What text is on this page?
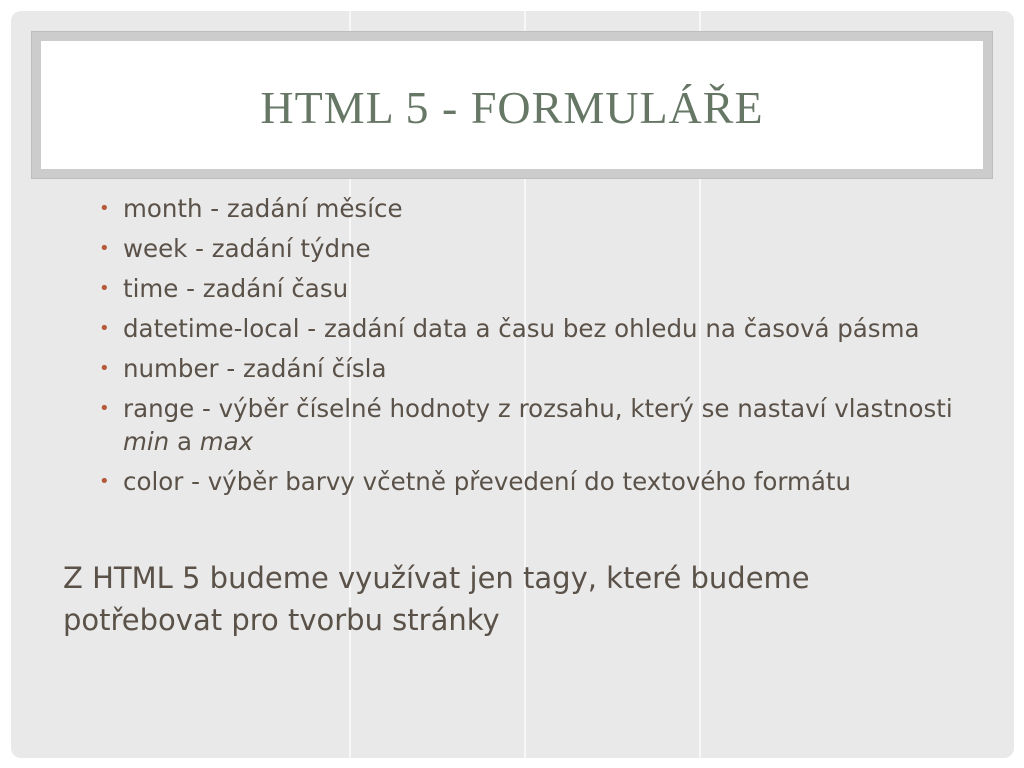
HTML 5 - FORMULÁŘE
• month - zadání měsíce
• week - zadání týdne
• time - zadání času
• datetime-local - zadání data a času bez ohledu na časová pásma
• number - zadání čísla
• range - výběr číselné hodnoty z rozsahu, který se nastaví vlastnosti min a max
• color - výběr barvy včetně převedení do textového formátu

Z HTML 5 budeme využívat jen tagy, které budeme potřebovat pro tvorbu stránky
